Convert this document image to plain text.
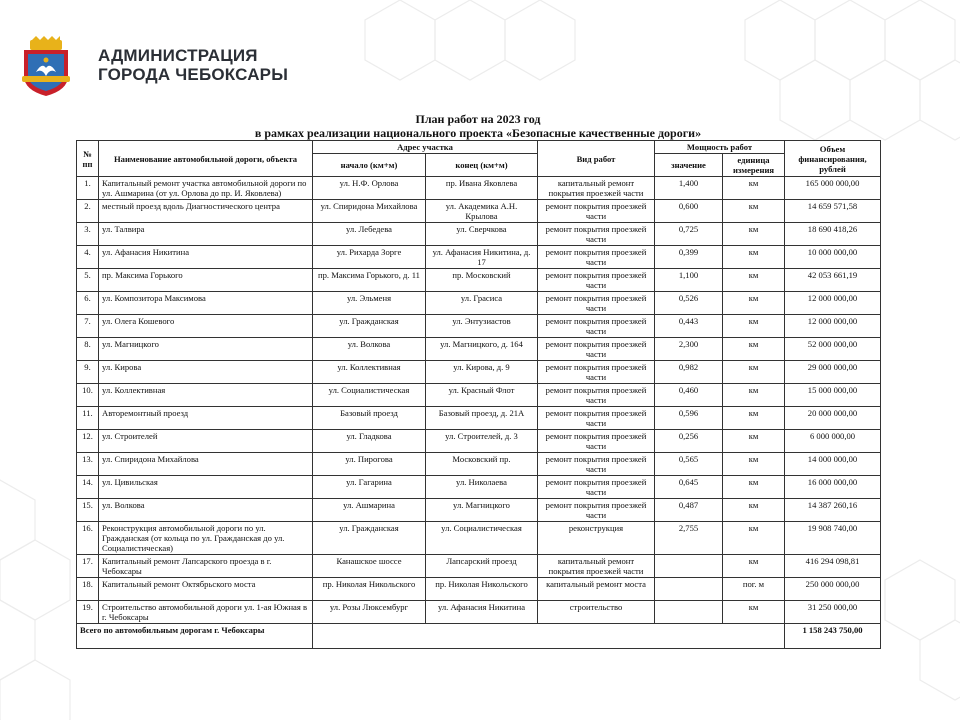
АДМИНИСТРАЦИЯ
ГОРОДА ЧЕБОКСАРЫ
План работ на 2023 год
в рамках реализации национального проекта «Безопасные качественные дороги»
№ пп	Наименование автомобильной дороги, объекта	Адрес участка		Вид работ	Мощность работ		Объем финансирования, рублей
		начало (км+м)	конец (км+м)		значение	единица измерения	
1.	Капитальный ремонт участка автомобильной дороги по ул. Ашмарина (от ул. Орлова до пр. И. Яковлева)	ул. Н.Ф. Орлова	пр. Ивана Яковлева	капитальный ремонт покрытия проезжей части	1,400	км	165 000 000,00
2.	местный проезд вдоль Диагностического центра	ул. Спиридона Михайлова	ул. Академика А.Н. Крылова	ремонт покрытия проезжей части	0,600	км	14 659 571,58
3.	ул. Талвира	ул. Лебедева	ул. Сверчкова	ремонт покрытия проезжей части	0,725	км	18 690 418,26
4.	ул. Афанасия Никитина	ул. Рихарда Зорге	ул. Афанасия Никитина, д. 17	ремонт покрытия проезжей части	0,399	км	10 000 000,00
5.	пр. Максима Горького	пр. Максима Горького, д. 11	пр. Московский	ремонт покрытия проезжей части	1,100	км	42 053 661,19
6.	ул. Композитора Максимова	ул. Эльменя	ул. Грасиса	ремонт покрытия проезжей части	0,526	км	12 000 000,00
7.	ул. Олега Кошевого	ул. Гражданская	ул. Энтузиастов	ремонт покрытия проезжей части	0,443	км	12 000 000,00
8.	ул. Магницкого	ул. Волкова	ул. Магницкого, д. 164	ремонт покрытия проезжей части	2,300	км	52 000 000,00
9.	ул. Кирова	ул. Коллективная	ул. Кирова, д. 9	ремонт покрытия проезжей части	0,982	км	29 000 000,00
10.	ул. Коллективная	ул. Социалистическая	ул. Красный Флот	ремонт покрытия проезжей части	0,460	км	15 000 000,00
11.	Авторемонтный проезд	Базовый проезд	Базовый проезд, д. 21А	ремонт покрытия проезжей части	0,596	км	20 000 000,00
12.	ул. Строителей	ул. Гладкова	ул. Строителей, д. 3	ремонт покрытия проезжей части	0,256	км	6 000 000,00
13.	ул. Спиридона Михайлова	ул. Пирогова	Московский пр.	ремонт покрытия проезжей части	0,565	км	14 000 000,00
14.	ул. Цивильская	ул. Гагарина	ул. Николаева	ремонт покрытия проезжей части	0,645	км	16 000 000,00
15.	ул. Волкова	ул. Ашмарина	ул. Магницкого	ремонт покрытия проезжей части	0,487	км	14 387 260,16
16.	Реконструкция автомобильной дороги по ул. Гражданская (от кольца по ул. Гражданская до ул. Социалистическая)	ул. Гражданская	ул. Социалистическая	реконструкция	2,755	км	19 908 740,00
17.	Капитальный ремонт Лапсарского проезда в г. Чебоксары	Канашское шоссе	Лапсарский проезд	капитальный ремонт покрытия проезжей части		км	416 294 098,81
18.	Капитальный ремонт Октябрьского моста	пр. Николая Никольского	пр. Николая Никольского	капитальный ремонт моста		пог. м	250 000 000,00
19.	Строительство автомобильной дороги ул. 1-ая Южная в г. Чебоксары	ул. Розы Люксембург	ул. Афанасия Никитина	строительство		км	31 250 000,00
Всего по автомобильным дорогам г. Чебоксары							1 158 243 750,00
